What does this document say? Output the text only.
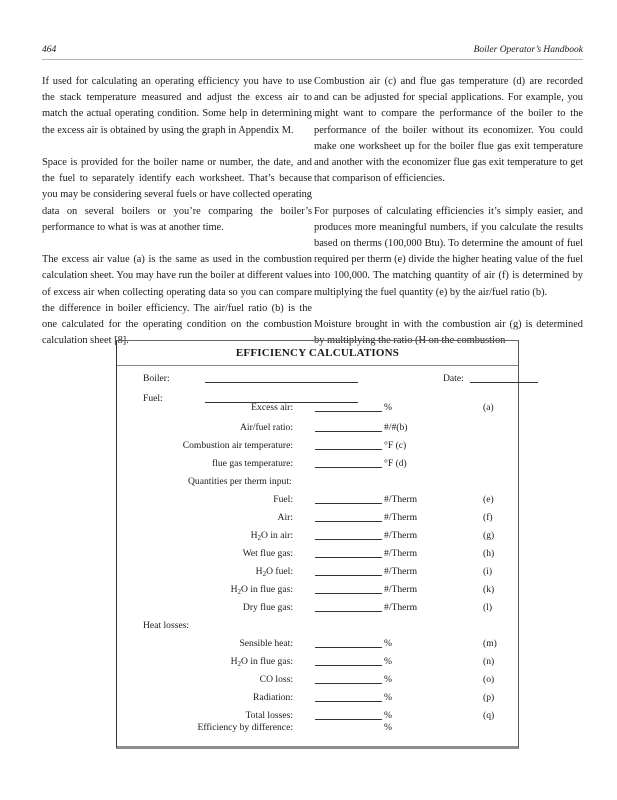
464	Boiler Operator’s Handbook

If used for calculating an operating efficiency you have to use the stack temperature measured and adjust the excess air to match the actual operating condition. Some help in determining the excess air is obtained by using the graph in Appendix M.

Space is provided for the boiler name or number, the date, and the fuel to separately identify each worksheet. That’s because you may be considering several fuels or have collected operating data on several boilers or you’re comparing the boiler’s performance to what is was at another time.

The excess air value (a) is the same as used in the combustion calculation sheet. You may have run the boiler at different values of excess air when collecting operating data so you can compare the difference in boiler efficiency. The air/fuel ratio (b) is the one calculated for the operating condition on the combustion calculation sheet [8].

Combustion air (c) and flue gas temperature (d) are recorded and can be adjusted for special applications. For example, you might want to compare the performance of the boiler to the performance of the boiler without its economizer. You could make one worksheet up for the boiler flue gas exit temperature and another with the economizer flue gas exit temperature to get that comparison of efficiencies.

For purposes of calculating efficiencies it’s simply easier, and produces more meaningful numbers, if you calculate the results based on therms (100,000 Btu). To determine the amount of fuel required per therm (e) divide the higher heating value of the fuel into 100,000. The matching quantity of air (f) is determined by multiplying the fuel quantity (e) by the air/fuel ratio (b).

Moisture brought in with the combustion air (g) is determined by multiplying the ratio (H on the combustion

EFFICIENCY CALCULATIONS
Boiler:	Date:
Fuel:
Excess air:	%	(a)
Air/fuel ratio:	#/#(b)
Combustion air temperature:	°F (c)
flue gas temperature:	°F (d)
Fuel:	#/Therm	(e)
Air:	#/Therm	(f)
$H_2O$ in air:	#/Therm	(g)
Wet flue gas:	#/Therm	(h)
$H_2O$ fuel:	#/Therm	(i)
$H_2O$ in flue gas:	#/Therm	(k)
Dry flue gas:	#/Therm	(l)
Sensible heat:	%	(m)
$H_2O$ in flue gas:	%	(n)
CO loss:	%	(o)
Radiation:	%	(p)
Total losses:	%	(q)
Efficiency by difference:	%
Quantities per therm input:
Heat losses:
